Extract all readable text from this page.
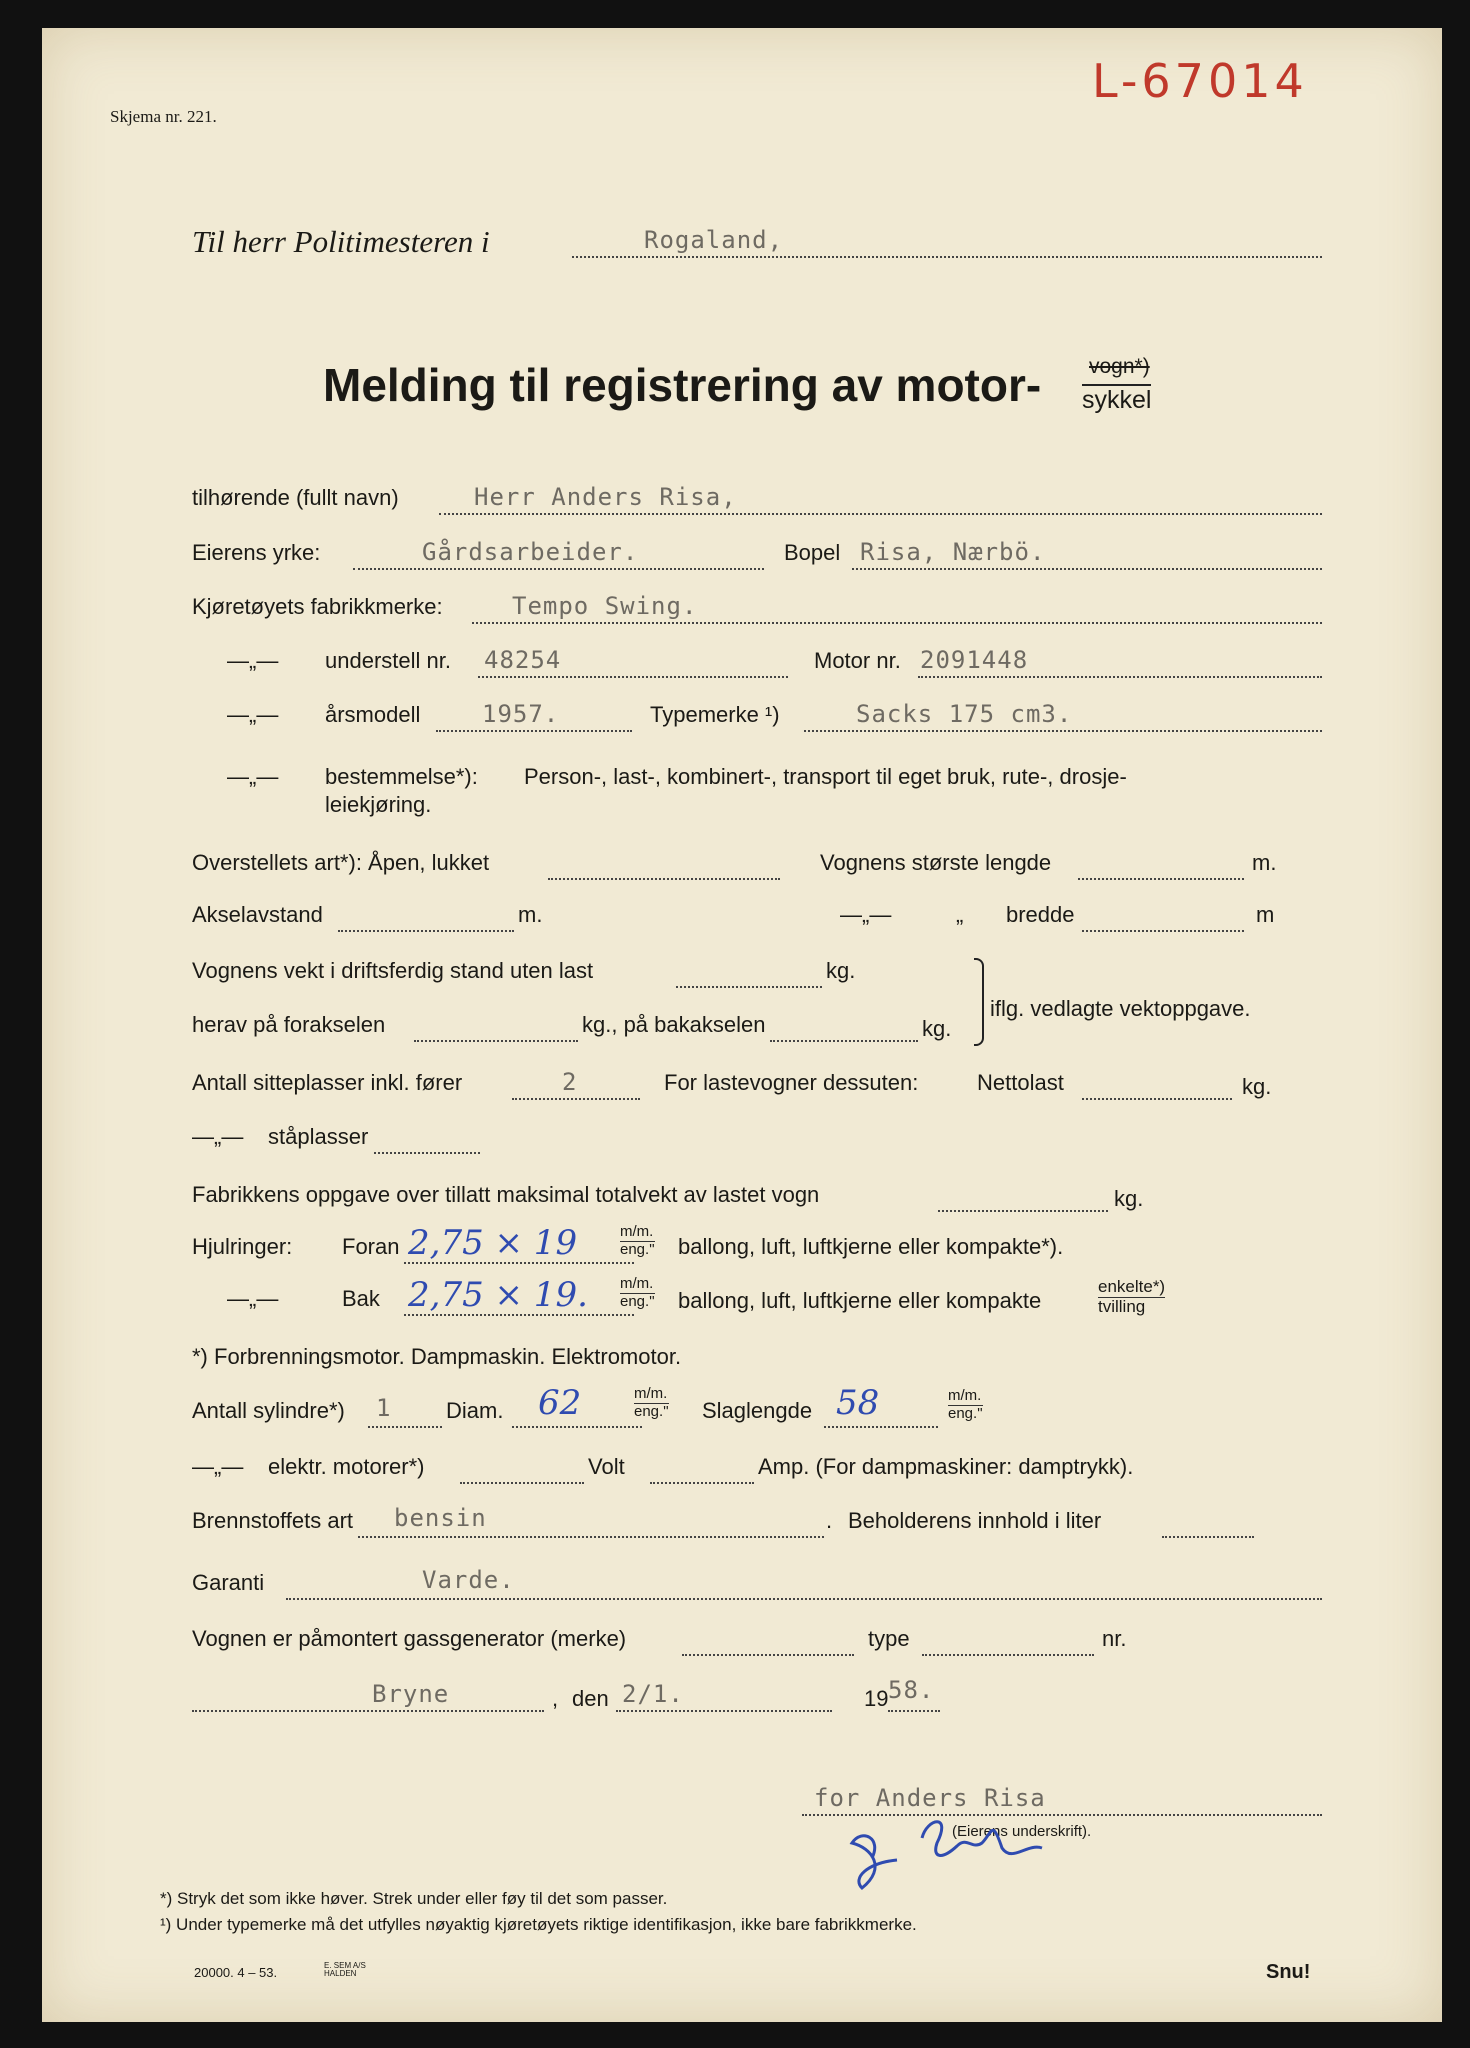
Skjema nr. 221.
L-67014
Til herr Politimesteren i	Rogaland,
Melding til registrering av motor- vogn*)
sykkel
tilhørende (fullt navn)	Herr Anders Risa,
Eierens yrke:	Gårdsarbeider.	Bopel Risa, Nærbö.
Kjøretøyets fabrikkmerke:	Tempo Swing.
—„— understell nr. 48254	Motor nr. 2091448
—„— årsmodell	1957.	Typemerke ¹)	Sacks 175 cm3.
—„— bestemmelse*): Person-, last-, kombinert-, transport til eget bruk, rute-, drosje-
leiekjøring.
Overstellets art*): Åpen, lukket	Vognens største lengde	m.
Akselavstand	m.	—„—	„ bredde	m
Vognens vekt i driftsferdig stand uten last	kg.
herav på forakselen	kg., på bakakselen	kg.
iflg. vedlagte vektoppgave.
Antall sitteplasser inkl. fører	2	For lastevogner dessuten:	Nettolast	kg.
—„— ståplasser
Fabrikkens oppgave over tillatt maksimal totalvekt av lastet vogn	kg.
Hjulringer: Foran 2,75 × 19	m/m.
eng." ballong, luft, luftkjerne eller kompakte*).
—„—	Bak 2,75 × 19. m/m.
eng." ballong, luft, luftkjerne eller kompakte
enkelte*)
tvilling
*) Forbrenningsmotor. Dampmaskin. Elektromotor.
Antall sylindre*) 1 Diam. 62	m/m.
eng." Slaglengde 58	m/m.
eng."
—„— elektr. motorer*)	Volt	Amp. (For dampmaskiner: damptrykk).
Brennstoffets art bensin	. Beholderens innhold i liter
Garanti	Varde.
Vognen er påmontert gassgenerator (merke)	type	nr.
Bryne	, den 2/1.	19 58.
for Anders Risa
(Eierens underskrift).
*) Stryk det som ikke høver. Strek under eller føy til det som passer.
¹) Under typemerke må det utfylles nøyaktig kjøretøyets riktige identifikasjon, ikke bare fabrikkmerke.
20000. 4 – 53.	E. SEM A/S HALDEN	Snu!
